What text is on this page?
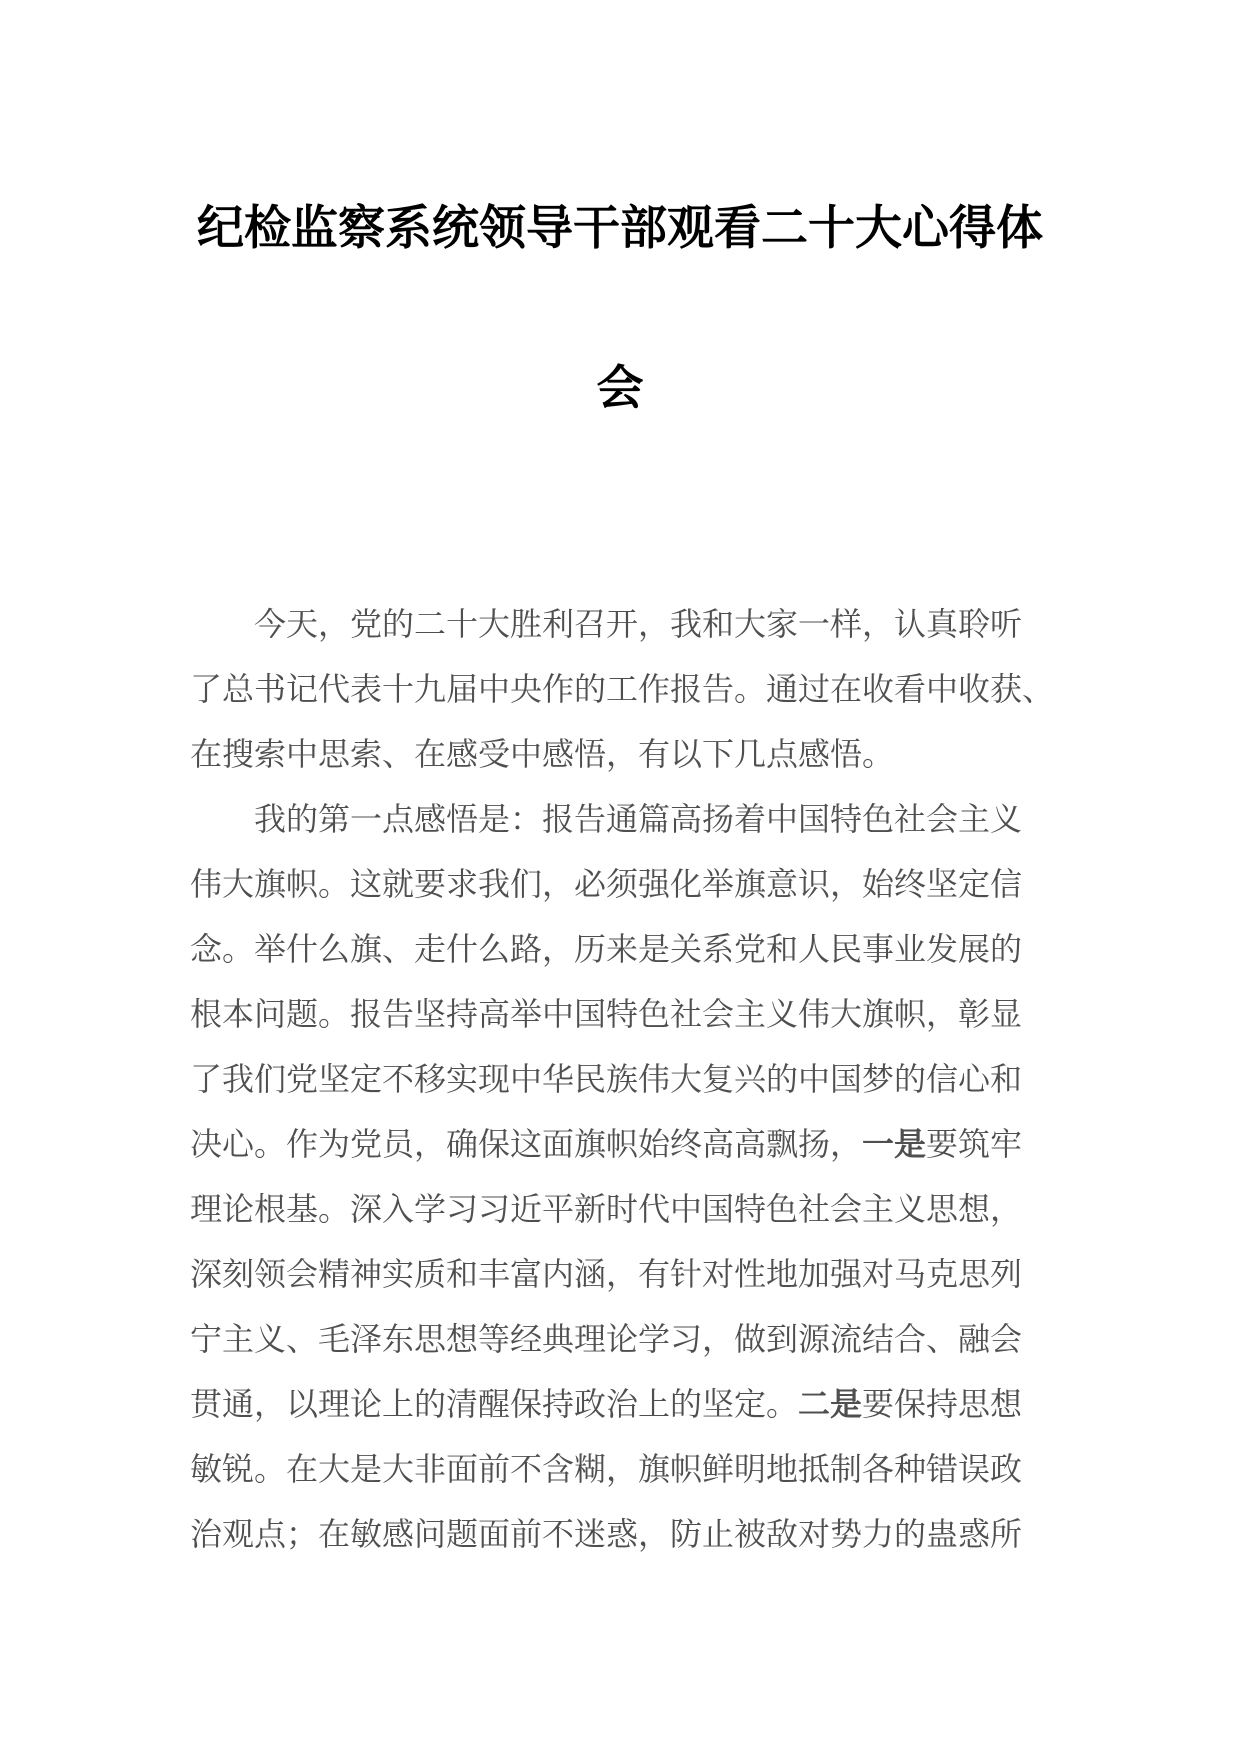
纪检监察系统领导干部观看二十大心得体
会
今天，党的二十大胜利召开，我和大家一样，认真聆听
了总书记代表十九届中央作的工作报告。通过在收看中收获、
在搜索中思索、在感受中感悟，有以下几点感悟。
我的第一点感悟是：报告通篇高扬着中国特色社会主义
伟大旗帜。这就要求我们，必须强化举旗意识，始终坚定信
念。举什么旗、走什么路，历来是关系党和人民事业发展的
根本问题。报告坚持高举中国特色社会主义伟大旗帜，彰显
了我们党坚定不移实现中华民族伟大复兴的中国梦的信心和
决心。作为党员，确保这面旗帜始终高高飘扬，一是要筑牢
理论根基。深入学习习近平新时代中国特色社会主义思想，
深刻领会精神实质和丰富内涵，有针对性地加强对马克思列
宁主义、毛泽东思想等经典理论学习，做到源流结合、融会
贯通，以理论上的清醒保持政治上的坚定。二是要保持思想
敏锐。在大是大非面前不含糊，旗帜鲜明地抵制各种错误政
治观点；在敏感问题面前不迷惑，防止被敌对势力的蛊惑所
